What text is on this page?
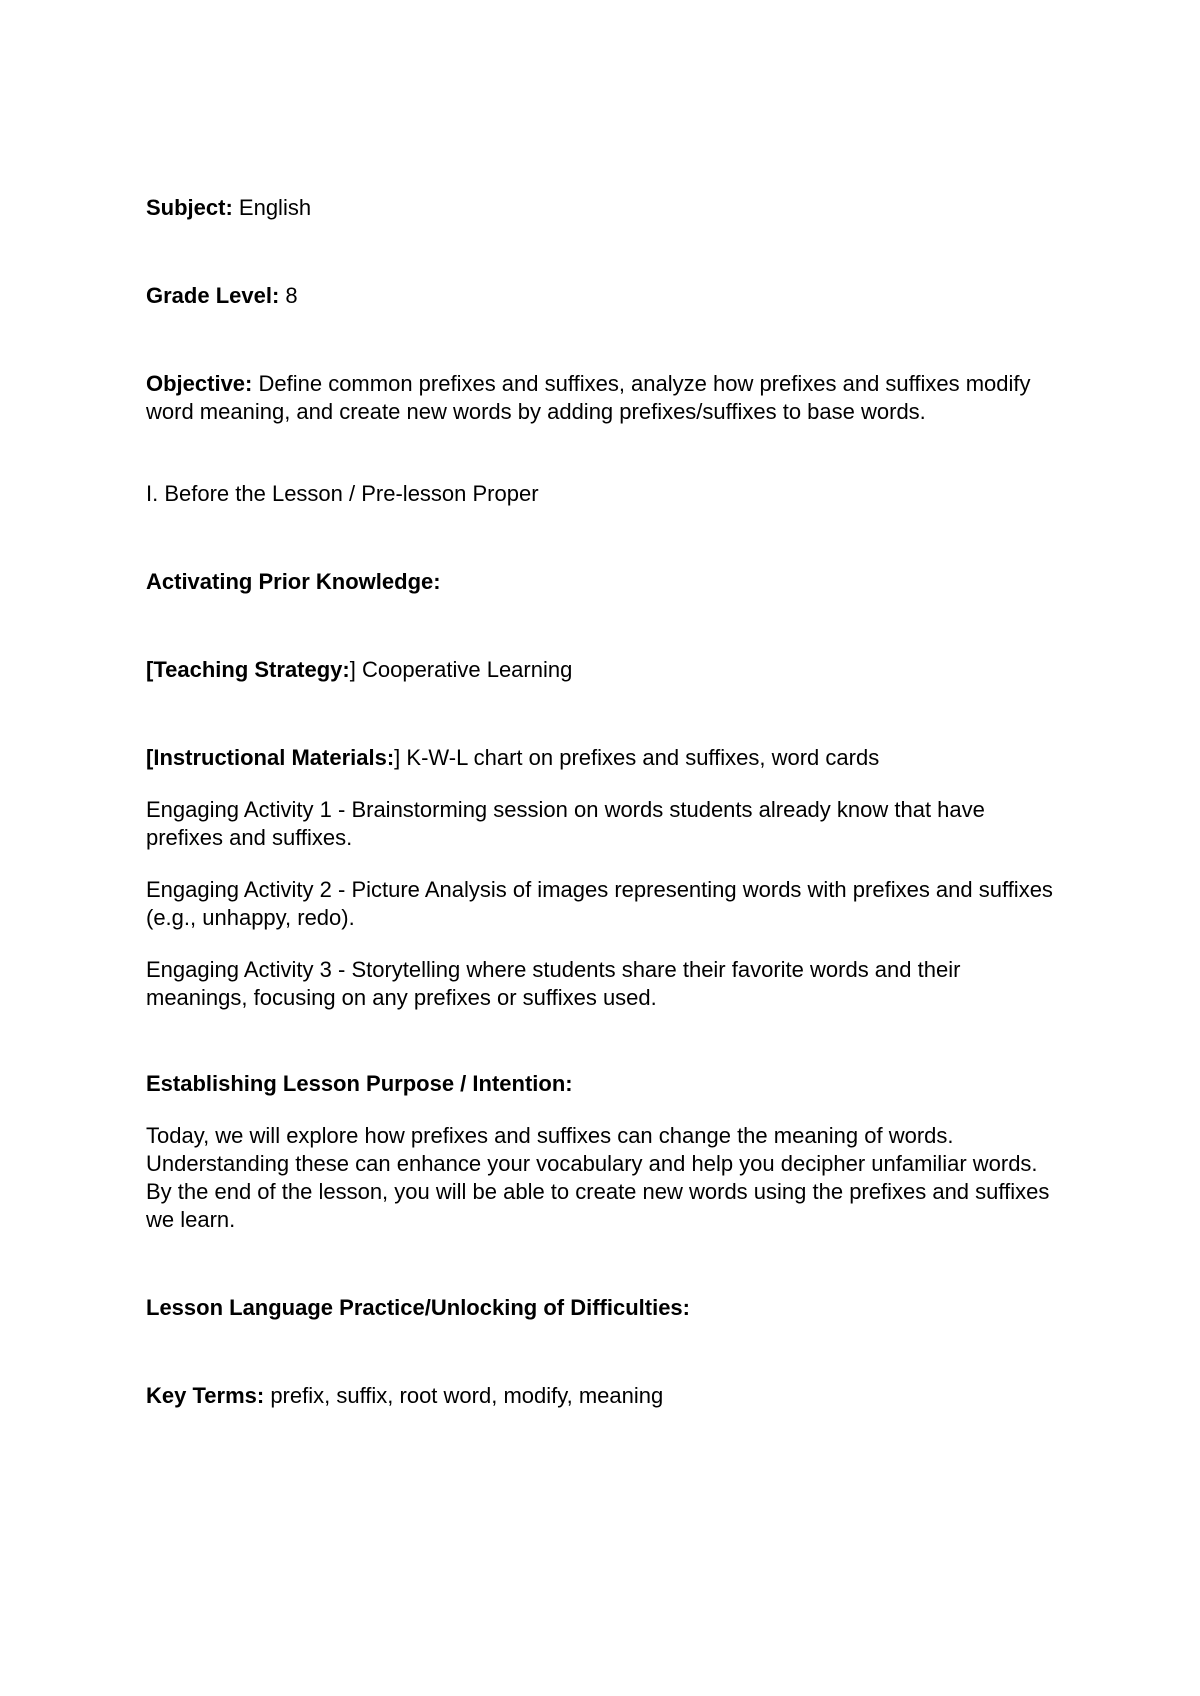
Subject: English

Grade Level: 8

Objective: Define common prefixes and suffixes, analyze how prefixes and suffixes modify word meaning, and create new words by adding prefixes/suffixes to base words.

I. Before the Lesson / Pre-lesson Proper

Activating Prior Knowledge:

[Teaching Strategy:] Cooperative Learning

[Instructional Materials:] K-W-L chart on prefixes and suffixes, word cards

Engaging Activity 1 - Brainstorming session on words students already know that have prefixes and suffixes.

Engaging Activity 2 - Picture Analysis of images representing words with prefixes and suffixes (e.g., unhappy, redo).

Engaging Activity 3 - Storytelling where students share their favorite words and their meanings, focusing on any prefixes or suffixes used.

Establishing Lesson Purpose / Intention:

Today, we will explore how prefixes and suffixes can change the meaning of words. Understanding these can enhance your vocabulary and help you decipher unfamiliar words. By the end of the lesson, you will be able to create new words using the prefixes and suffixes we learn.

Lesson Language Practice/Unlocking of Difficulties:

Key Terms: prefix, suffix, root word, modify, meaning
